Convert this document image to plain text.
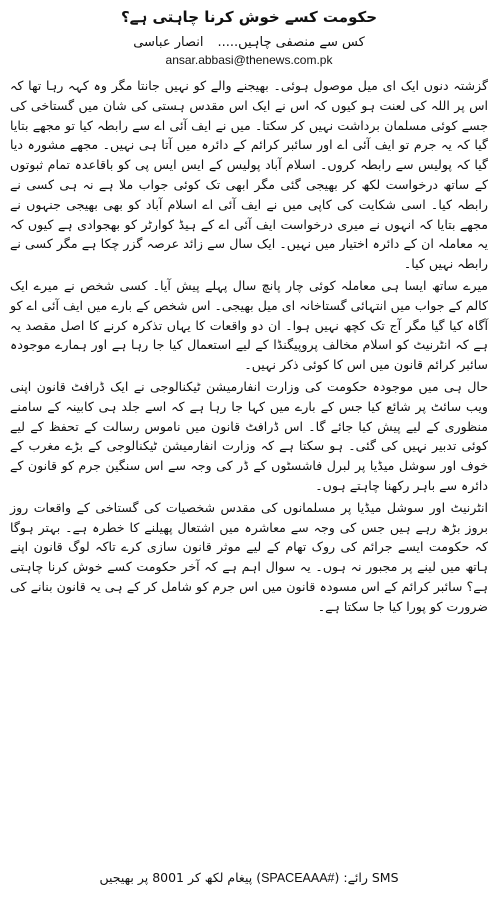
حکومت کسے خوش کرنا چاہتی ہے؟
کس سے منصفی چاہیں.....
انصار عباسی
ansar.abbasi@thenews.com.pk

گزشتہ دنوں ایک ای میل موصول ہوئی۔ بھیجنے والے کو نہیں جانتا مگر وہ کہہ رہا تھا کہ اس پر اللہ کی لعنت ہو کیوں کہ اس نے ایک اس مقدس ہستی کی شان میں گستاخی کی جسے کوئی مسلمان برداشت نہیں کر سکتا۔ میں نے ایف آئی اے سے رابطہ کیا تو مجھے بتایا گیا کہ یہ جرم تو ایف آئی اے اور سائبر کرائم کے دائرہ میں آتا ہی نہیں۔ مجھے مشورہ دیا گیا کہ پولیس سے رابطہ کروں۔ اسلام آباد پولیس کے ایس ایس پی کو باقاعدہ تمام ثبوتوں کے ساتھ درخواست لکھ کر بھیجی گئی مگر ابھی تک کوئی جواب ملا ہے نہ ہی کسی نے رابطہ کیا۔ اسی شکایت کی کاپی میں نے ایف آئی اے اسلام آباد کو بھی بھیجی جنہوں نے مجھے بتایا کہ انہوں نے میری درخواست ایف آئی اے کے ہیڈ کوارٹر کو بھجوادی ہے کیوں کہ یہ معاملہ ان کے دائرہ اختیار میں نہیں۔ ایک سال سے زائد عرصہ گزر چکا ہے مگر کسی نے رابطہ نہیں کیا۔

میرے ساتھ ایسا ہی معاملہ کوئی چار پانچ سال پہلے پیش آیا۔ کسی شخص نے میرے ایک کالم کے جواب میں انتہائی گستاخانہ ای میل بھیجی۔ اس شخص کے بارے میں ایف آئی اے کو آگاہ کیا گیا مگر آج تک کچھ نہیں ہوا۔ ان دو واقعات کا یہاں تذکرہ کرنے کا اصل مقصد یہ ہے کہ انٹرنیٹ کو اسلام مخالف پروپیگنڈا کے لیے استعمال کیا جا رہا ہے اور ہمارے موجودہ سائبر کرائم قانون میں اس کا کوئی ذکر نہیں۔

حال ہی میں موجودہ حکومت کی وزارت انفارمیشن ٹیکنالوجی نے ایک ڈرافٹ قانون اپنی ویب سائٹ پر شائع کیا جس کے بارے میں کہا جا رہا ہے کہ اسے جلد ہی کابینہ کے سامنے منظوری کے لیے پیش کیا جائے گا۔ اس ڈرافٹ قانون میں ناموس رسالت کے تحفظ کے لیے کوئی تدبیر نہیں کی گئی۔ ہو سکتا ہے کہ وزارت انفارمیشن ٹیکنالوجی کے بڑے مغرب کے خوف اور سوشل میڈیا پر لبرل فاشسٹوں کے ڈر کی وجہ سے اس سنگین جرم کو قانون کے دائرہ سے باہر رکھنا چاہتے ہوں۔

انٹرنیٹ اور سوشل میڈیا پر مسلمانوں کی مقدس شخصیات کی گستاخی کے واقعات روز بروز بڑھ رہے ہیں جس کی وجہ سے معاشرہ میں اشتعال پھیلنے کا خطرہ ہے۔ بہتر ہوگا کہ حکومت ایسے جرائم کی روک تھام کے لیے موثر قانون سازی کرے تاکہ لوگ قانون اپنے ہاتھ میں لینے پر مجبور نہ ہوں۔ یہ سوال اہم ہے کہ آخر حکومت کسے خوش کرنا چاہتی ہے؟ سائبر کرائم کے اس مسودہ قانون میں اس جرم کو شامل کر کے ہی یہ قانون بنانے کی ضرورت کو پورا کیا جا سکتا ہے۔

SMS رائے: (#SPACEAAA) پیغام لکھ کر 8001 پر بھیجیں
